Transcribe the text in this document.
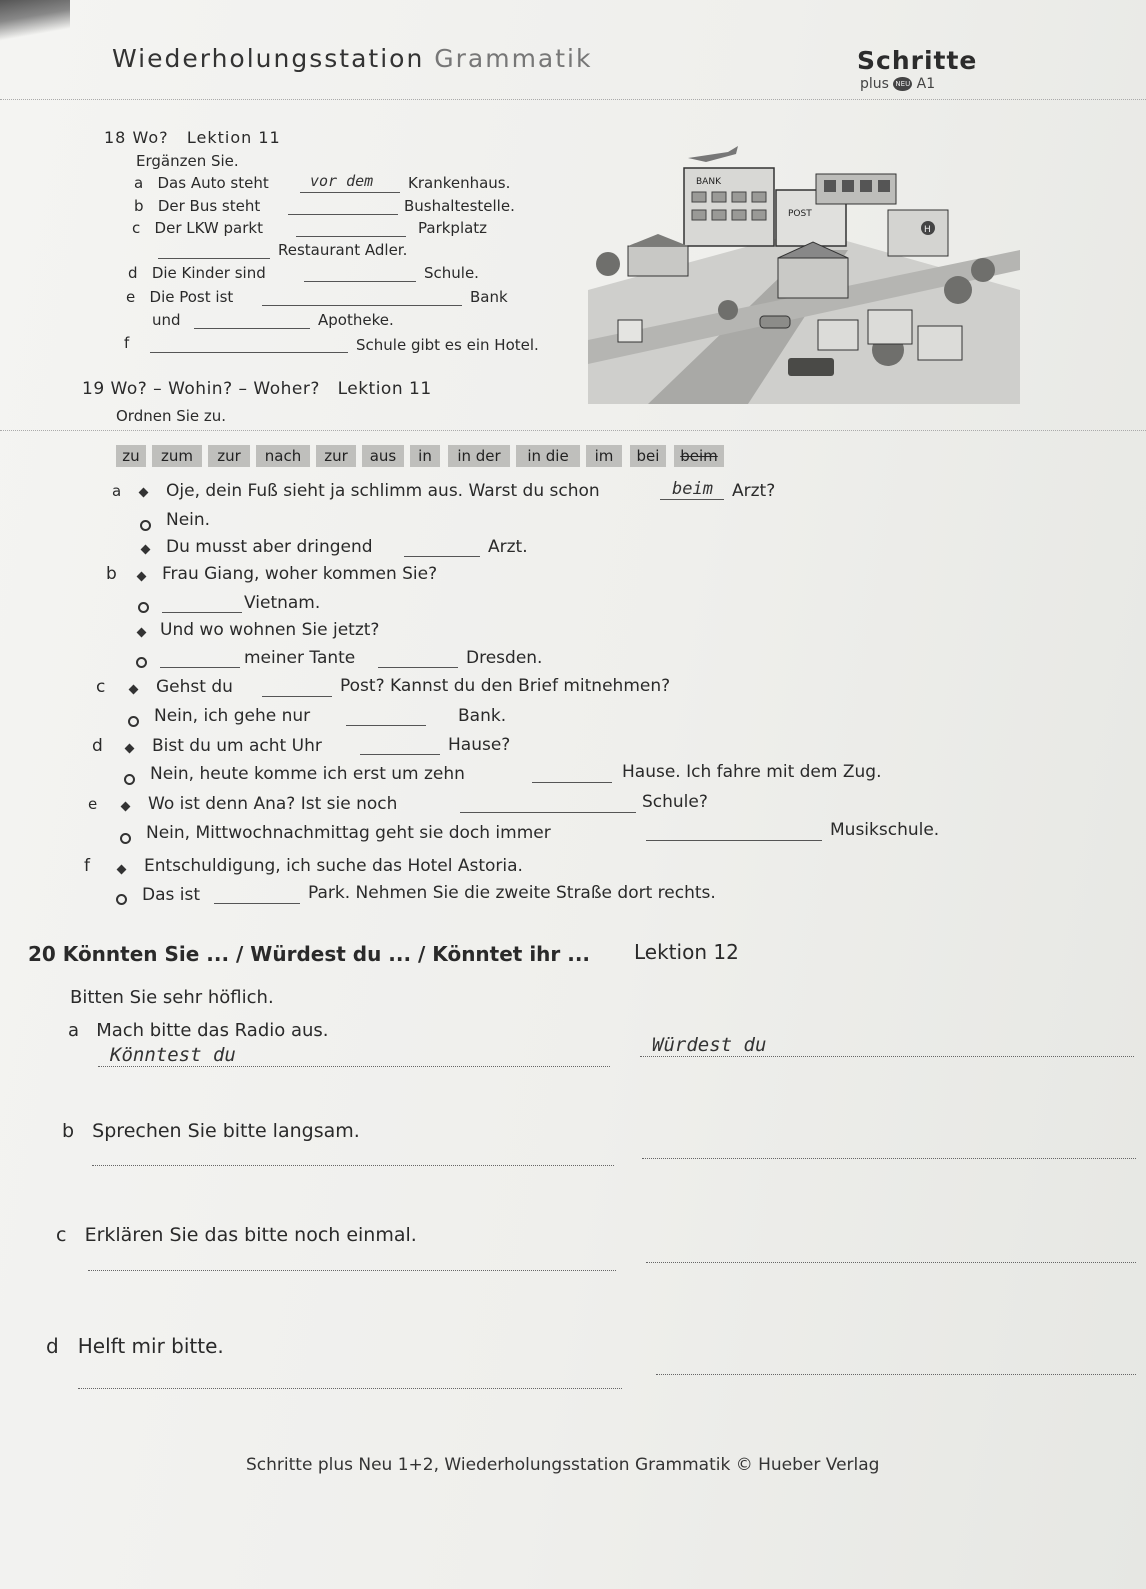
Wiederholungsstation Grammatik	Schritte
plus NEU A1
18 Wo?   Lektion 11
Ergänzen Sie.
a   Das Auto steht	vor dem Krankenhaus.
b   Der Bus steht	Bushaltestelle.
c   Der LKW parkt	Parkplatz
Restaurant Adler.
d   Die Kinder sind	Schule.
e   Die Post ist	Bank
und	Apotheke.
f	Schule gibt es ein Hotel.
BANK
POST
H
19 Wo? – Wohin? – Woher?   Lektion 11
Ordnen Sie zu.
zu	zum	zur	nach	zur	aus	in	in der	in die	im	bei	beim
a	Oje, dein Fuß sieht ja schlimm aus. Warst du schon	beim Arzt?
Nein.
Du musst aber dringend	Arzt.
b	Frau Giang, woher kommen Sie?
Vietnam.
Und wo wohnen Sie jetzt?
meiner Tante	Dresden.
c	Gehst du	Post? Kannst du den Brief mitnehmen?
Nein, ich gehe nur	Bank.
d	Bist du um acht Uhr	Hause?
Nein, heute komme ich erst um zehn	Hause. Ich fahre mit dem Zug.
e	Wo ist denn Ana? Ist sie noch	Schule?
Nein, Mittwochnachmittag geht sie doch immer	Musikschule.
f	Entschuldigung, ich suche das Hotel Astoria.
Das ist	Park. Nehmen Sie die zweite Straße dort rechts.
20 Könnten Sie ... / Würdest du ... / Könntet ihr ... Lektion 12
Bitten Sie sehr höflich.
a   Mach bitte das Radio aus.
Könntest du	Würdest du
b   Sprechen Sie bitte langsam.
c   Erklären Sie das bitte noch einmal.
d   Helft mir bitte.
Schritte plus Neu 1+2, Wiederholungsstation Grammatik © Hueber Verlag
